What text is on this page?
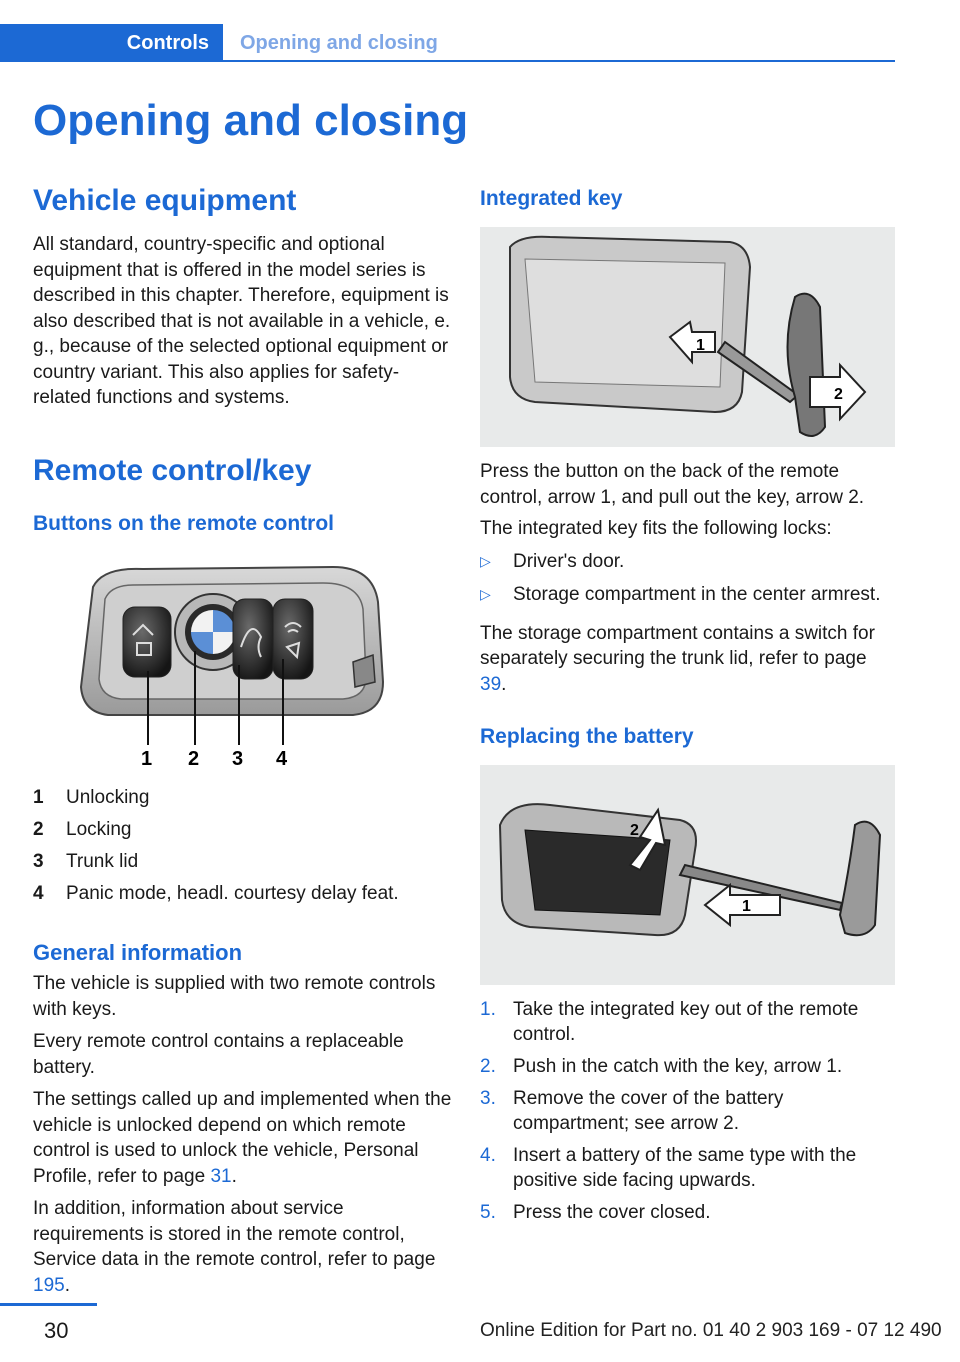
Controls	Opening and closing
Opening and closing
Vehicle equipment

All standard, country-specific and optional equipment that is offered in the model series is described in this chapter. Therefore, equipment is also described that is not available in a vehicle, e. g., because of the selected optional equipment or country variant. This also applies for safety-related functions and systems.

Remote control/key
Buttons on the remote control
1 2 3 4
1 Unlocking
2 Locking
3 Trunk lid
4 Panic mode, headl. courtesy delay feat.
General information

The vehicle is supplied with two remote controls with keys.

Every remote control contains a replaceable battery.

The settings called up and implemented when the vehicle is unlocked depend on which remote control is used to unlock the vehicle, Personal Profile, refer to page 31.

In addition, information about service requirements is stored in the remote control, Service data in the remote control, refer to page 195.

Integrated key
1
2

Press the button on the back of the remote control, arrow 1, and pull out the key, arrow 2.

The integrated key fits the following locks:

▷ Driver's door.

▷ Storage compartment in the center armrest.

The storage compartment contains a switch for separately securing the trunk lid, refer to page 39.

Replacing the battery
2
1

1. Take the integrated key out of the remote control.

2. Push in the catch with the key, arrow 1.

3. Remove the cover of the battery compartment; see arrow 2.

4. Insert a battery of the same type with the positive side facing upwards.

5. Press the cover closed.

30	Online Edition for Part no. 01 40 2 903 169 - 07 12 490
